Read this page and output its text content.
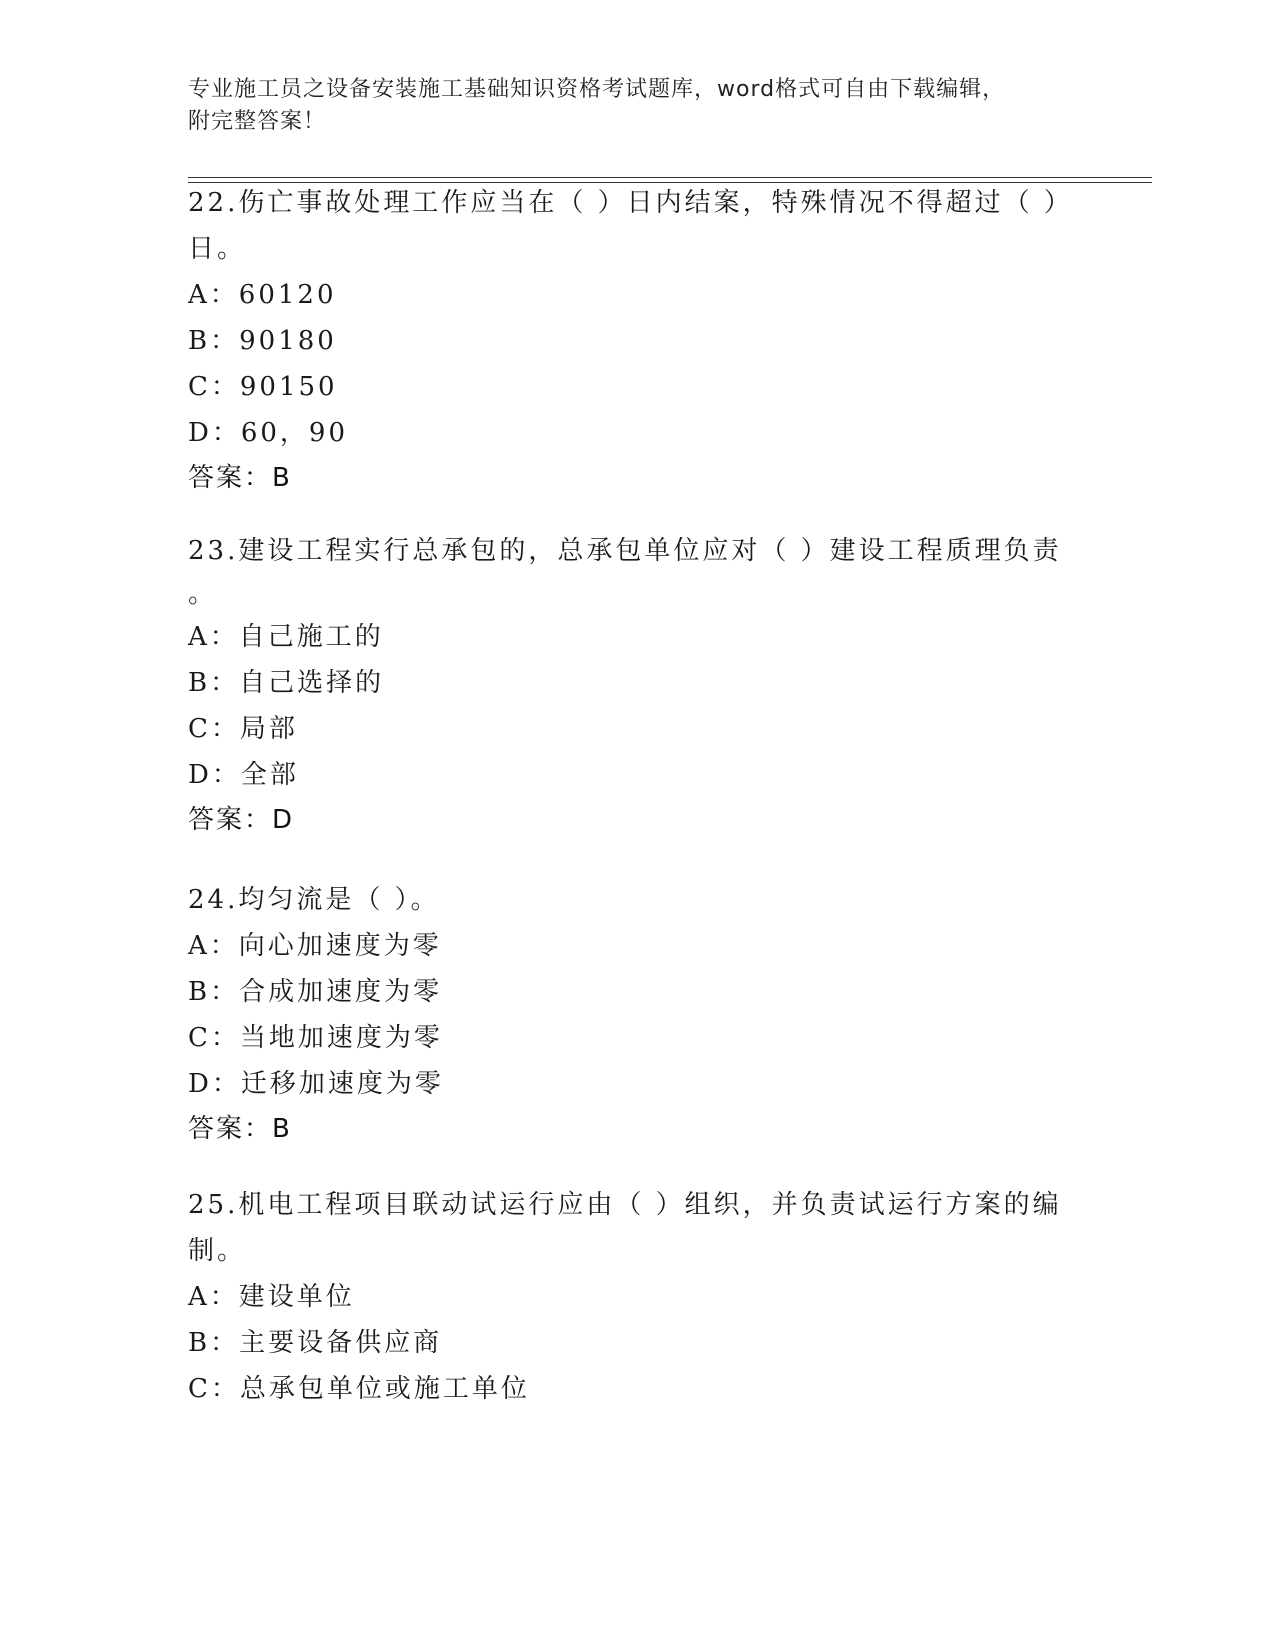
专业施工员之设备安装施工基础知识资格考试题库，word格式可自由下载编辑，
附完整答案！

22.伤亡事故处理工作应当在（ ）日内结案，特殊情况不得超过（ ）

日。

A：60120

B：90180

C：90150

D：60，90

答案：B

23.建设工程实行总承包的，总承包单位应对（ ）建设工程质理负责

。

A：自己施工的

B：自己选择的

C：局部

D：全部

答案：D

24.均匀流是（ ）。

A：向心加速度为零

B：合成加速度为零

C：当地加速度为零

D：迁移加速度为零

答案：B

25.机电工程项目联动试运行应由（ ）组织，并负责试运行方案的编

制。

A：建设单位

B：主要设备供应商

C：总承包单位或施工单位
